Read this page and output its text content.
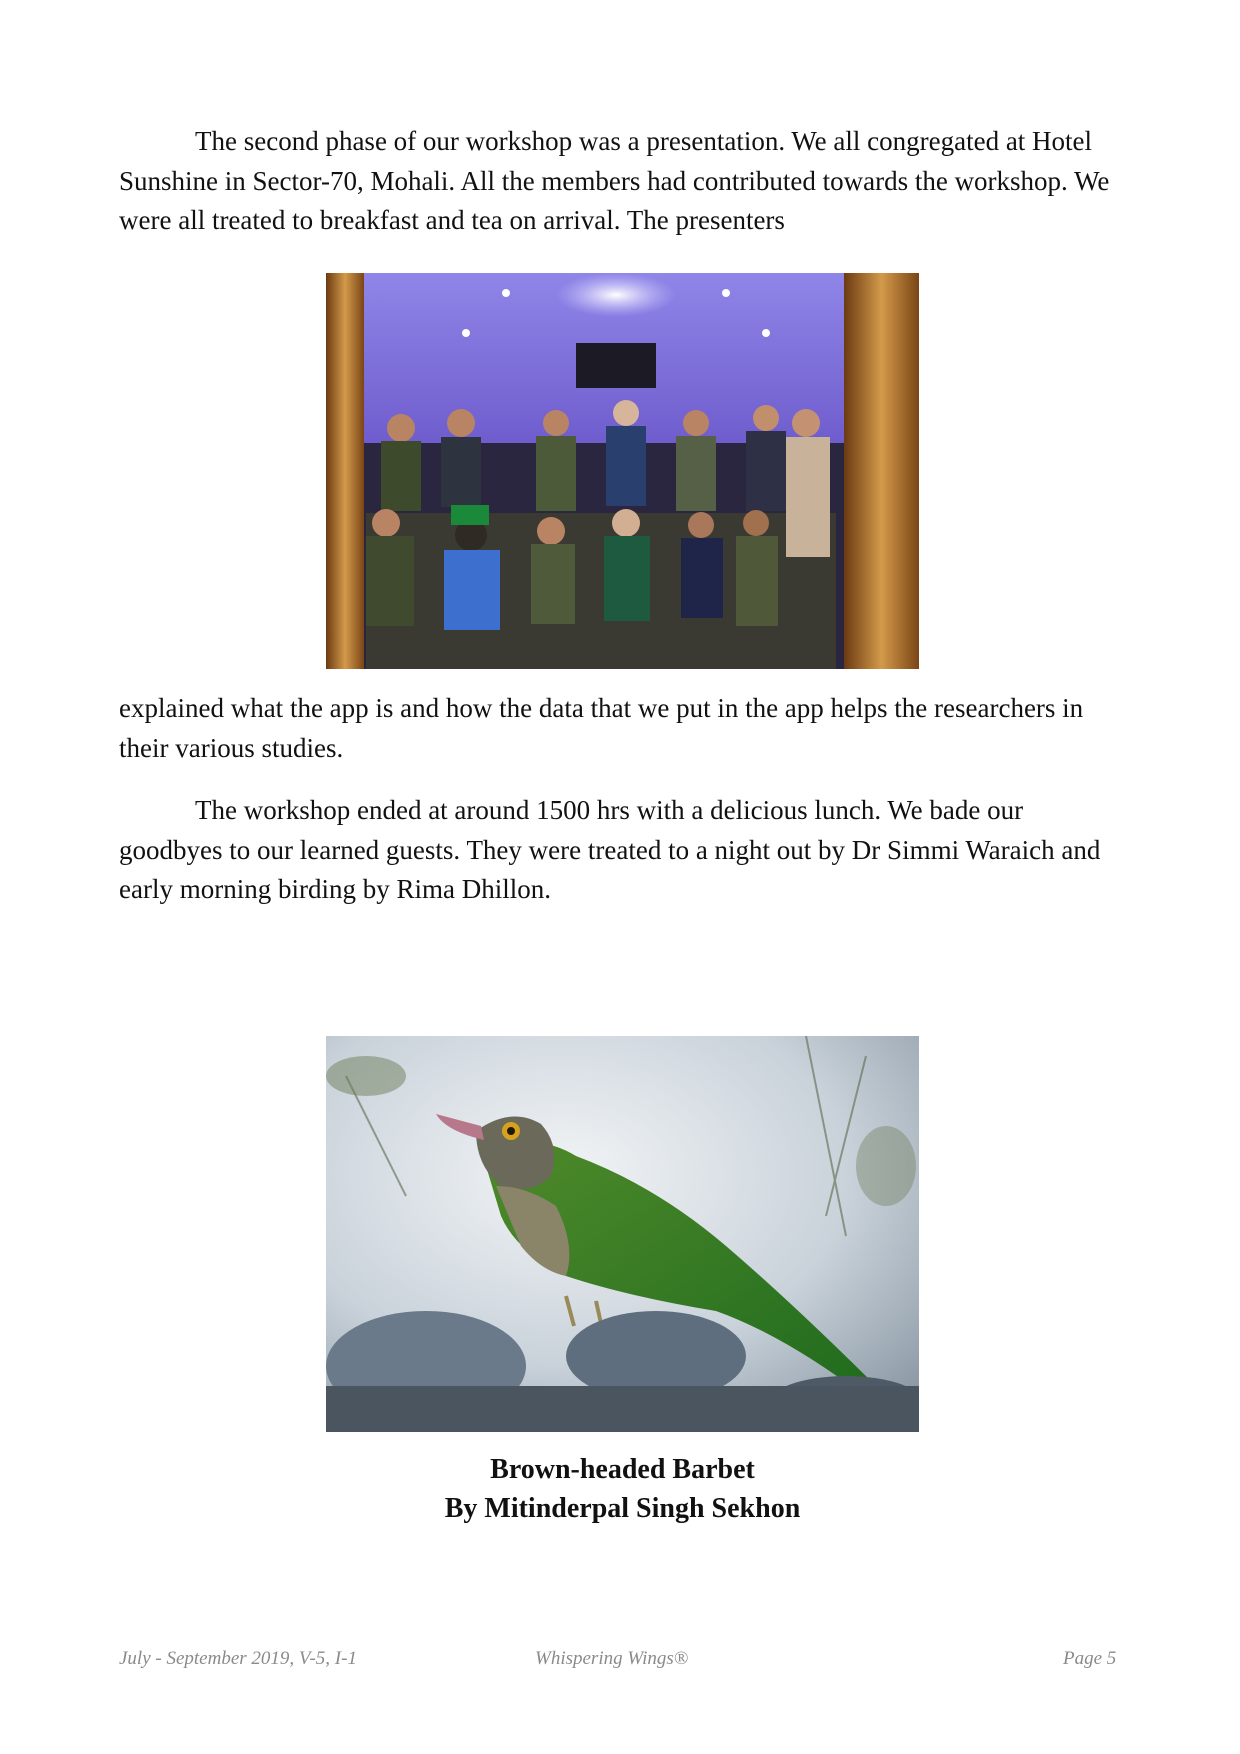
The second phase of our workshop was a presentation. We all congregated at Hotel Sunshine in Sector-70, Mohali. All the members had contributed towards the workshop. We were all treated to breakfast and tea on arrival. The presenters

explained what the app is and how the data that we put in the app helps the researchers in their various studies.

The workshop ended at around 1500 hrs with a delicious lunch. We bade our goodbyes to our learned guests. They were treated to a night out by Dr Simmi Waraich and early morning birding by Rima Dhillon.

Brown-headed Barbet
By Mitinderpal Singh Sekhon
July - September 2019, V-5, I-1	Whispering Wings®	Page 5
